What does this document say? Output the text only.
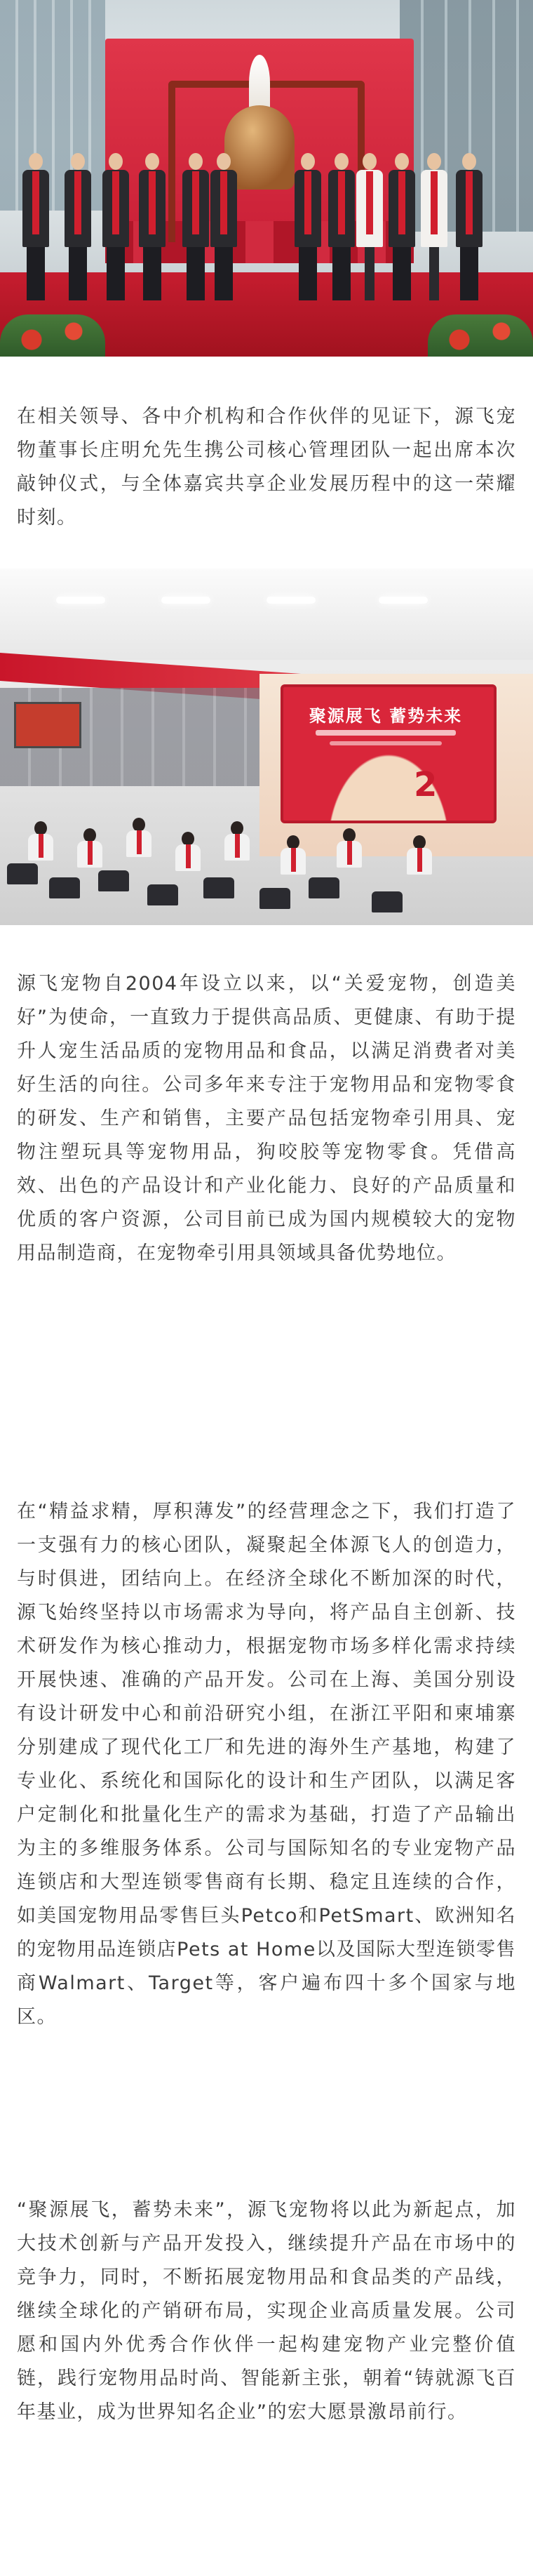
在相关领导、各中介机构和合作伙伴的见证下，源飞宠物董事长庄明允先生携公司核心管理团队一起出席本次敲钟仪式，与全体嘉宾共享企业发展历程中的这一荣耀时刻。

聚源展飞 蓄势未来
2

源飞宠物自2004年设立以来，以“关爱宠物，创造美好”为使命，一直致力于提供高品质、更健康、有助于提升人宠生活品质的宠物用品和食品，以满足消费者对美好生活的向往。公司多年来专注于宠物用品和宠物零食的研发、生产和销售，主要产品包括宠物牵引用具、宠物注塑玩具等宠物用品，狗咬胶等宠物零食。凭借高效、出色的产品设计和产业化能力、良好的产品质量和优质的客户资源，公司目前已成为国内规模较大的宠物用品制造商，在宠物牵引用具领域具备优势地位。

在“精益求精，厚积薄发”的经营理念之下，我们打造了一支强有力的核心团队，凝聚起全体源飞人的创造力，与时俱进，团结向上。在经济全球化不断加深的时代，源飞始终坚持以市场需求为导向，将产品自主创新、技术研发作为核心推动力，根据宠物市场多样化需求持续开展快速、准确的产品开发。公司在上海、美国分别设有设计研发中心和前沿研究小组，在浙江平阳和柬埔寨分别建成了现代化工厂和先进的海外生产基地，构建了专业化、系统化和国际化的设计和生产团队，以满足客户定制化和批量化生产的需求为基础，打造了产品输出为主的多维服务体系。公司与国际知名的专业宠物产品连锁店和大型连锁零售商有长期、稳定且连续的合作，如美国宠物用品零售巨头Petco和PetSmart、欧洲知名的宠物用品连锁店Pets at Home以及国际大型连锁零售商Walmart、Target等，客户遍布四十多个国家与地区。

“聚源展飞，蓄势未来”，源飞宠物将以此为新起点，加大技术创新与产品开发投入，继续提升产品在市场中的竞争力，同时，不断拓展宠物用品和食品类的产品线，继续全球化的产销研布局，实现企业高质量发展。公司愿和国内外优秀合作伙伴一起构建宠物产业完整价值链，践行宠物用品时尚、智能新主张，朝着“铸就源飞百年基业，成为世界知名企业”的宏大愿景激昂前行。
